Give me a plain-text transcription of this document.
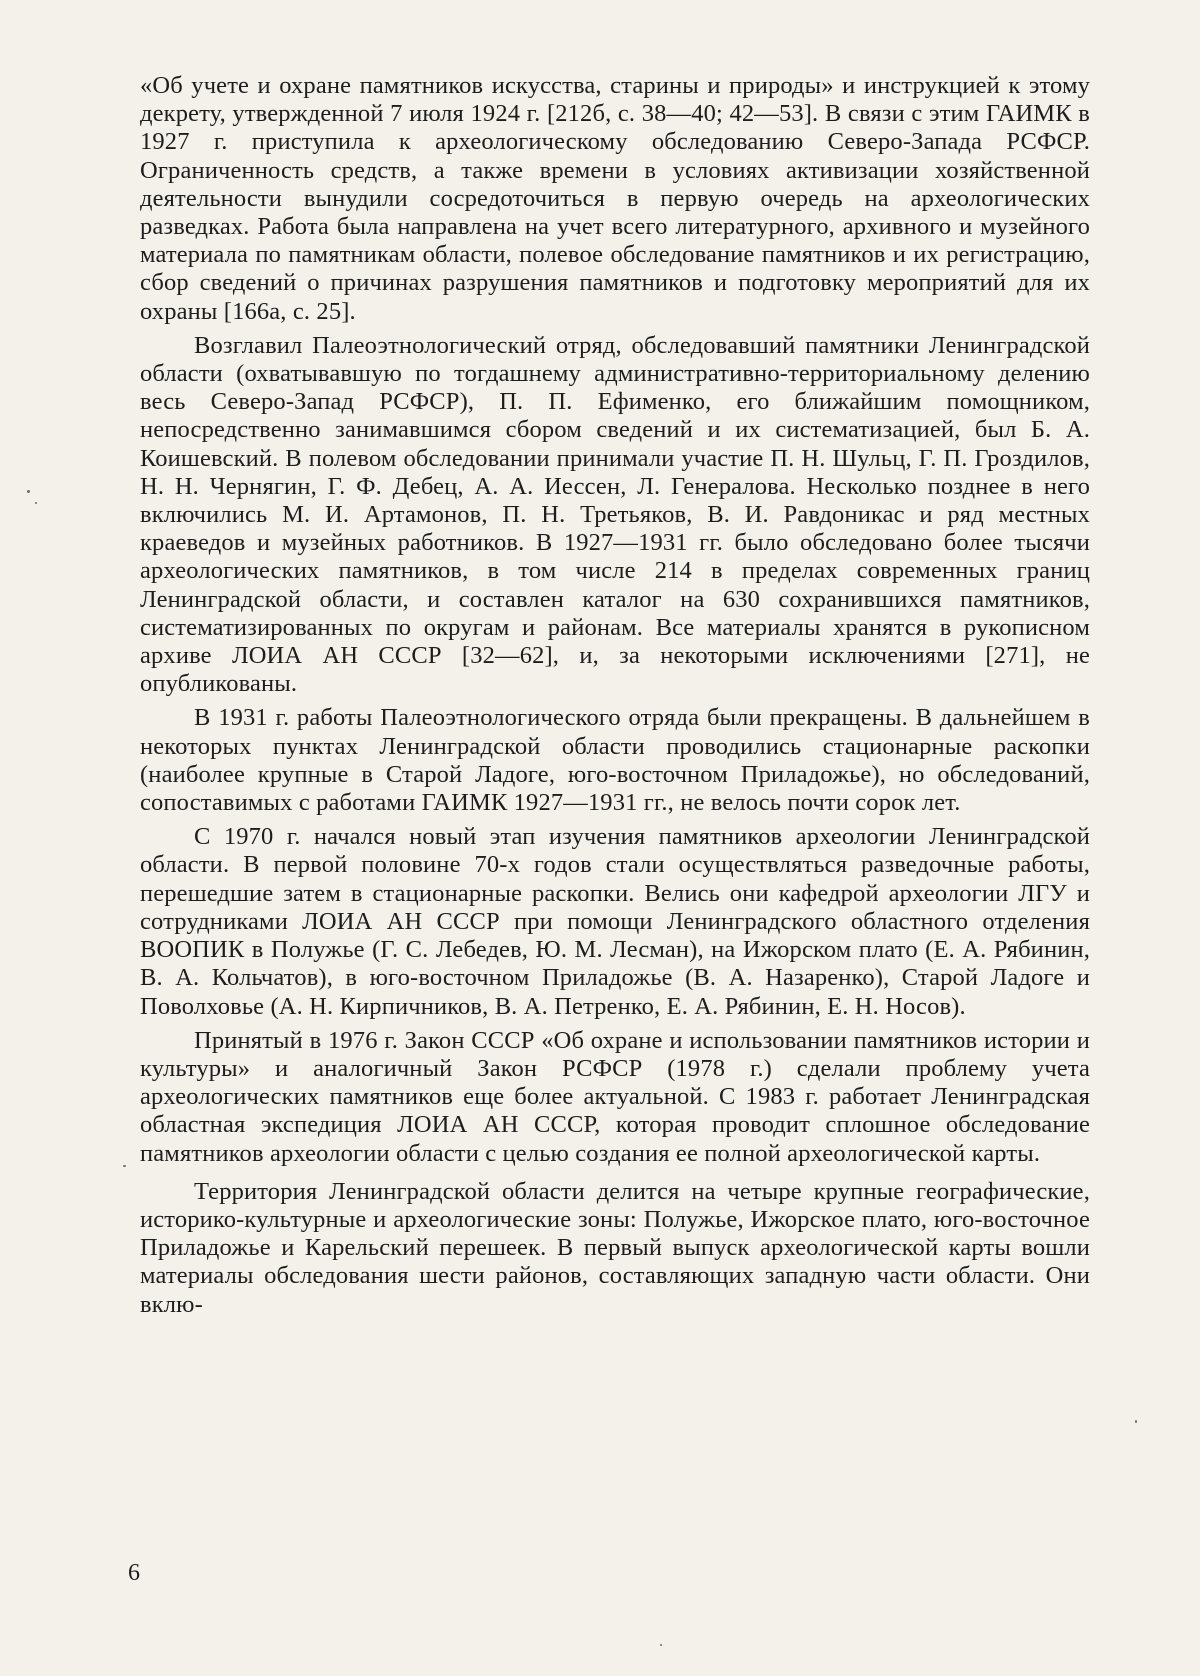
«Об учете и охране памятников искусства, старины и природы» и инструкцией к этому декрету, утвержденной 7 июля 1924 г. [212б, с. 38—40; 42—53]. В связи с этим ГАИМК в 1927 г. приступила к археологическому обследованию Северо-Запада РСФСР. Ограниченность средств, а также времени в условиях активизации хозяйственной деятельности вынудили сосредоточиться в первую очередь на археологических разведках. Работа была направлена на учет всего литературного, архивного и музейного материала по памятникам области, полевое обследование памятников и их регистрацию, сбор сведений о причинах разрушения памятников и подготовку мероприятий для их охраны [166а, с. 25].

Возглавил Палеоэтнологический отряд, обследовавший памятники Ленинградской области (охватывавшую по тогдашнему административно-территориальному делению весь Северо-Запад РСФСР), П. П. Ефименко, его ближайшим помощником, непосредственно занимавшимся сбором сведений и их систематизацией, был Б. А. Коишевский. В полевом обследовании принимали участие П. Н. Шульц, Г. П. Гроздилов, Н. Н. Чернягин, Г. Ф. Дебец, А. А. Иессен, Л. Генералова. Несколько позднее в него включились М. И. Артамонов, П. Н. Третьяков, В. И. Равдоникас и ряд местных краеведов и музейных работников. В 1927—1931 гг. было обследовано более тысячи археологических памятников, в том числе 214 в пределах современных границ Ленинградской области, и составлен каталог на 630 сохранившихся памятников, систематизированных по округам и районам. Все материалы хранятся в рукописном архиве ЛОИА АН СССР [32—62], и, за некоторыми исключениями [271], не опубликованы.

В 1931 г. работы Палеоэтнологического отряда были прекращены. В дальнейшем в некоторых пунктах Ленинградской области проводились стационарные раскопки (наиболее крупные в Старой Ладоге, юго-восточном Приладожье), но обследований, сопоставимых с работами ГАИМК 1927—1931 гг., не велось почти сорок лет.

С 1970 г. начался новый этап изучения памятников археологии Ленинградской области. В первой половине 70-х годов стали осуществляться разведочные работы, перешедшие затем в стационарные раскопки. Велись они кафедрой археологии ЛГУ и сотрудниками ЛОИА АН СССР при помощи Ленинградского областного отделения ВООПИК в Полужье (Г. С. Лебедев, Ю. М. Лесман), на Ижорском плато (Е. А. Рябинин, В. А. Кольчатов), в юго-восточном Приладожье (В. А. Назаренко), Старой Ладоге и Поволховье (А. Н. Кирпичников, В. А. Петренко, Е. А. Рябинин, Е. Н. Носов).

Принятый в 1976 г. Закон СССР «Об охране и использовании памятников истории и культуры» и аналогичный Закон РСФСР (1978 г.) сделали проблему учета археологических памятников еще более актуальной. С 1983 г. работает Ленинградская областная экспедиция ЛОИА АН СССР, которая проводит сплошное обследование памятников археологии области с целью создания ее полной археологической карты.

Территория Ленинградской области делится на четыре крупные географические, историко-культурные и археологические зоны: Полужье, Ижорское плато, юго-восточное Приладожье и Карельский перешеек. В первый выпуск археологической карты вошли материалы обследования шести районов, составляющих западную части области. Они вклю-

6
